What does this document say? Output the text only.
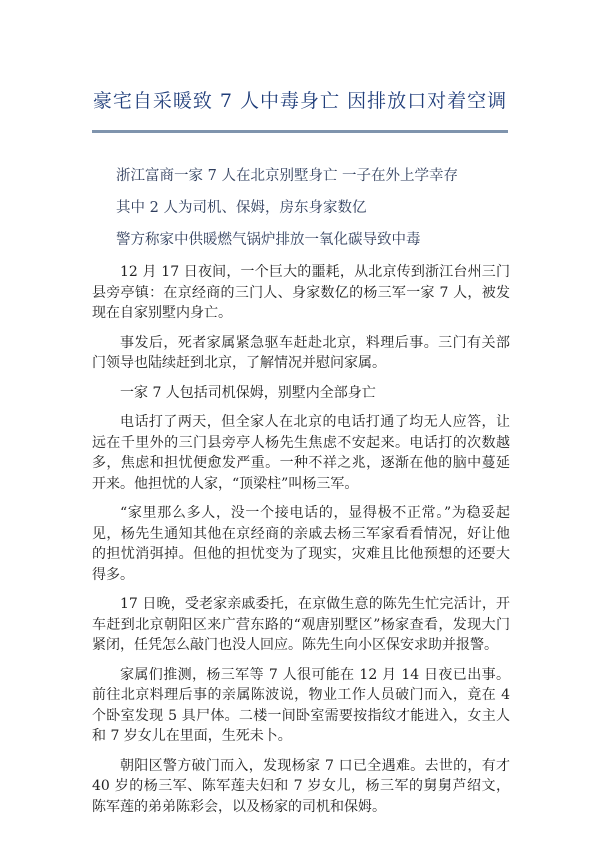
豪宅自采暖致 7 人中毒身亡 因排放口对着空调
浙江富商一家 7 人在北京别墅身亡 一子在外上学幸存
其中 2 人为司机、保姆，房东身家数亿
警方称家中供暖燃气锅炉排放一氧化碳导致中毒

12 月 17 日夜间，一个巨大的噩耗，从北京传到浙江台州三门县旁亭镇：在京经商的三门人、身家数亿的杨三军一家 7 人，被发现在自家别墅内身亡。

事发后，死者家属紧急驱车赶赴北京，料理后事。三门有关部门领导也陆续赶到北京，了解情况并慰问家属。

一家 7 人包括司机保姆，别墅内全部身亡

电话打了两天，但全家人在北京的电话打通了均无人应答，让远在千里外的三门县旁亭人杨先生焦虑不安起来。电话打的次数越多，焦虑和担忧便愈发严重。一种不祥之兆，逐渐在他的脑中蔓延开来。他担忧的人家，“顶梁柱”叫杨三军。

“家里那么多人，没一个接电话的，显得极不正常。”为稳妥起见，杨先生通知其他在京经商的亲戚去杨三军家看看情况，好让他的担忧消弭掉。但他的担忧变为了现实，灾难且比他预想的还要大得多。

17 日晚，受老家亲戚委托，在京做生意的陈先生忙完活计，开车赶到北京朝阳区来广营东路的“观唐别墅区”杨家查看，发现大门紧闭，任凭怎么敲门也没人回应。陈先生向小区保安求助并报警。

家属们推测，杨三军等 7 人很可能在 12 月 14 日夜已出事。前往北京料理后事的亲属陈波说，物业工作人员破门而入，竟在 4 个卧室发现 5 具尸体。二楼一间卧室需要按指纹才能进入，女主人和 7 岁女儿在里面，生死未卜。

朝阳区警方破门而入，发现杨家 7 口已全遇难。去世的，有才 40 岁的杨三军、陈军莲夫妇和 7 岁女儿，杨三军的舅舅芦绍文，陈军莲的弟弟陈彩会，以及杨家的司机和保姆。
